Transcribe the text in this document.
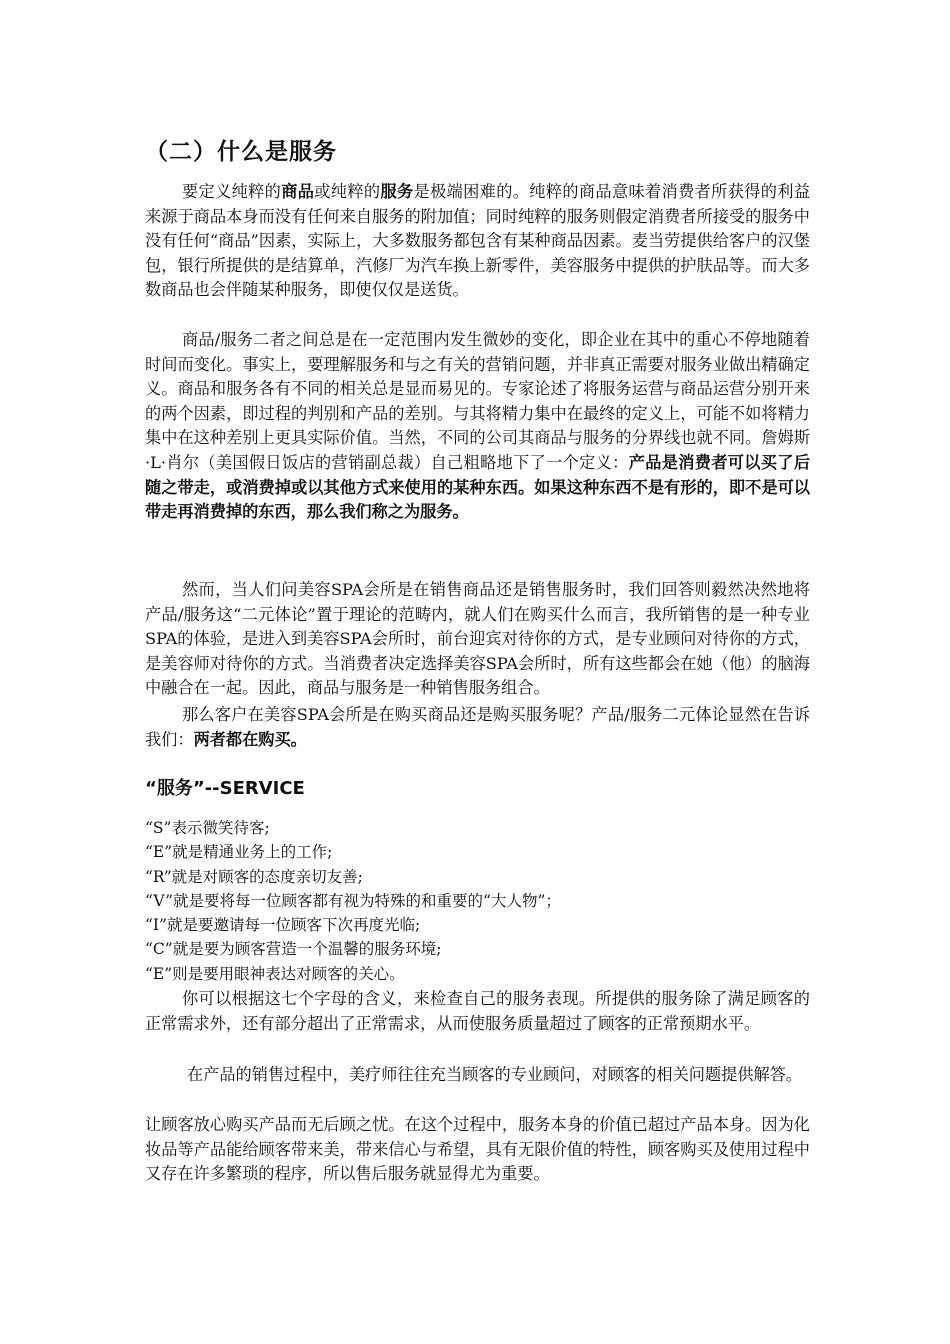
（二）什么是服务

要定义纯粹的商品或纯粹的服务是极端困难的。纯粹的商品意味着消费者所获得的利益来源于商品本身而没有任何来自服务的附加值；同时纯粹的服务则假定消费者所接受的服务中没有任何“商品”因素，实际上，大多数服务都包含有某种商品因素。麦当劳提供给客户的汉堡包，银行所提供的是结算单，汽修厂为汽车换上新零件，美容服务中提供的护肤品等。而大多数商品也会伴随某种服务，即使仅仅是送货。

商品/服务二者之间总是在一定范围内发生微妙的变化，即企业在其中的重心不停地随着时间而变化。事实上，要理解服务和与之有关的营销问题，并非真正需要对服务业做出精确定义。商品和服务各有不同的相关总是显而易见的。专家论述了将服务运营与商品运营分别开来的两个因素，即过程的判别和产品的差别。与其将精力集中在最终的定义上，可能不如将精力集中在这种差别上更具实际价值。当然，不同的公司其商品与服务的分界线也就不同。詹姆斯·L·肖尔（美国假日饭店的营销副总裁）自己粗略地下了一个定义：产品是消费者可以买了后随之带走，或消费掉或以其他方式来使用的某种东西。如果这种东西不是有形的，即不是可以带走再消费掉的东西，那么我们称之为服务。

然而，当人们问美容SPA会所是在销售商品还是销售服务时，我们回答则毅然决然地将产品/服务这“二元体论”置于理论的范畴内，就人们在购买什么而言，我所销售的是一种专业SPA的体验，是进入到美容SPA会所时，前台迎宾对待你的方式，是专业顾问对待你的方式，是美容师对待你的方式。当消费者决定选择美容SPA会所时，所有这些都会在她（他）的脑海中融合在一起。因此，商品与服务是一种销售服务组合。

那么客户在美容SPA会所是在购买商品还是购买服务呢？产品/服务二元体论显然在告诉我们：两者都在购买。

“服务”--SERVICE
“S”表示微笑待客;
“E”就是精通业务上的工作;
“R”就是对顾客的态度亲切友善;
“V”就是要将每一位顾客都有视为特殊的和重要的“大人物”；
“I”就是要邀请每一位顾客下次再度光临;
“C”就是要为顾客营造一个温馨的服务环境;
“E”则是要用眼神表达对顾客的关心。

你可以根据这七个字母的含义，来检查自己的服务表现。所提供的服务除了满足顾客的正常需求外，还有部分超出了正常需求，从而使服务质量超过了顾客的正常预期水平。

在产品的销售过程中，美疗师往往充当顾客的专业顾问，对顾客的相关问题提供解答。

让顾客放心购买产品而无后顾之忧。在这个过程中，服务本身的价值已超过产品本身。因为化妆品等产品能给顾客带来美，带来信心与希望，具有无限价值的特性，顾客购买及使用过程中又存在许多繁琐的程序，所以售后服务就显得尤为重要。
